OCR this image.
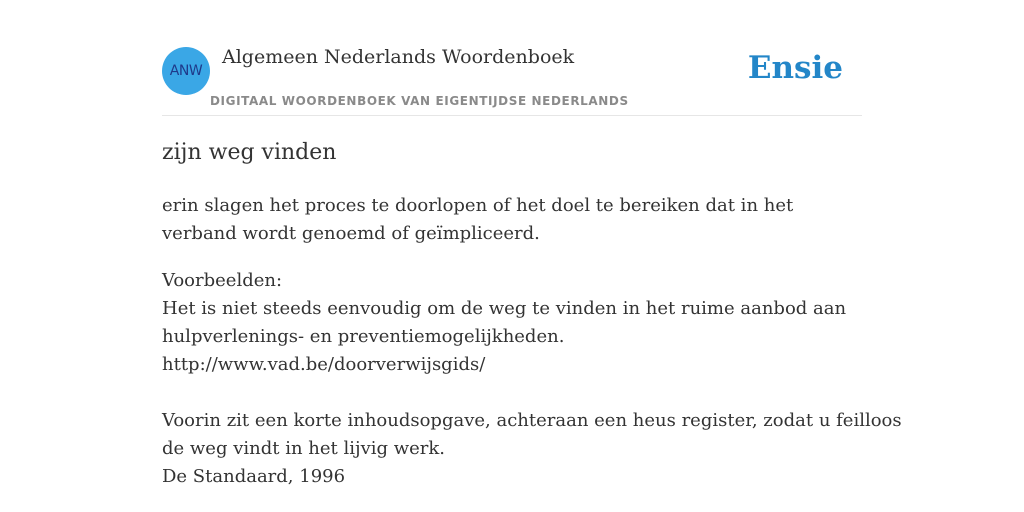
ANW
Algemeen Nederlands Woordenboek
DIGITAAL WOORDENBOEK VAN EIGENTIJDSE NEDERLANDS
Ensie
zijn weg vinden
erin slagen het proces te doorlopen of het doel te bereiken dat in het verband wordt genoemd of geïmpliceerd.
Voorbeelden:
Het is niet steeds eenvoudig om de weg te vinden in het ruime aanbod aan
hulpverlenings- en preventiemogelijkheden.
http://www.vad.be/doorverwijsgids/
Voorin zit een korte inhoudsopgave, achteraan een heus register, zodat u feilloos
de weg vindt in het lijvig werk.
De Standaard, 1996
